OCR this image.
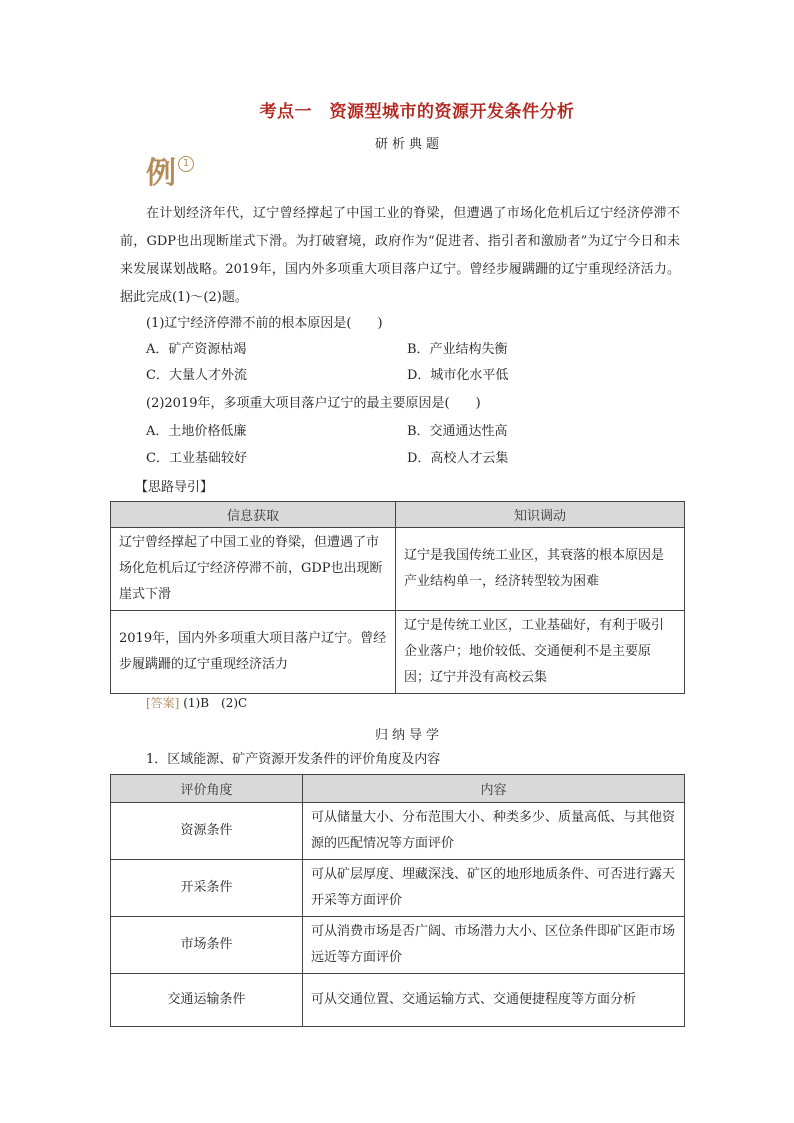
考点一　资源型城市的资源开发条件分析
研析典题
例 1
在计划经济年代，辽宁曾经撑起了中国工业的脊梁，但遭遇了市场化危机后辽宁经济停滞不前，GDP也出现断崖式下滑。为打破窘境，政府作为“促进者、指引者和激励者”为辽宁今日和未来发展谋划战略。2019年，国内外多项重大项目落户辽宁。曾经步履蹒跚的辽宁重现经济活力。据此完成(1)～(2)题。
(1)辽宁经济停滞不前的根本原因是(　　)
A．矿产资源枯竭	B．产业结构失衡
C．大量人才外流	D．城市化水平低
(2)2019年，多项重大项目落户辽宁的最主要原因是(　　)
A．土地价格低廉	B．交通通达性高
C．工业基础较好	D．高校人才云集
【思路导引】
信息获取	知识调动
辽宁曾经撑起了中国工业的脊梁，但遭遇了市场化危机后辽宁经济停滞不前，GDP也出现断崖式下滑	辽宁是我国传统工业区，其衰落的根本原因是产业结构单一，经济转型较为困难
2019年，国内外多项重大项目落户辽宁。曾经步履蹒跚的辽宁重现经济活力	辽宁是传统工业区，工业基础好，有利于吸引企业落户；地价较低、交通便利不是主要原因；辽宁并没有高校云集
[答案] (1)B　(2)C
归纳导学
1．区域能源、矿产资源开发条件的评价角度及内容
评价角度	内容
资源条件	可从储量大小、分布范围大小、种类多少、质量高低、与其他资源的匹配情况等方面评价
开采条件	可从矿层厚度、埋藏深浅、矿区的地形地质条件、可否进行露天开采等方面评价
市场条件	可从消费市场是否广阔、市场潜力大小、区位条件即矿区距市场远近等方面评价
交通运输条件	可从交通位置、交通运输方式、交通便捷程度等方面分析
